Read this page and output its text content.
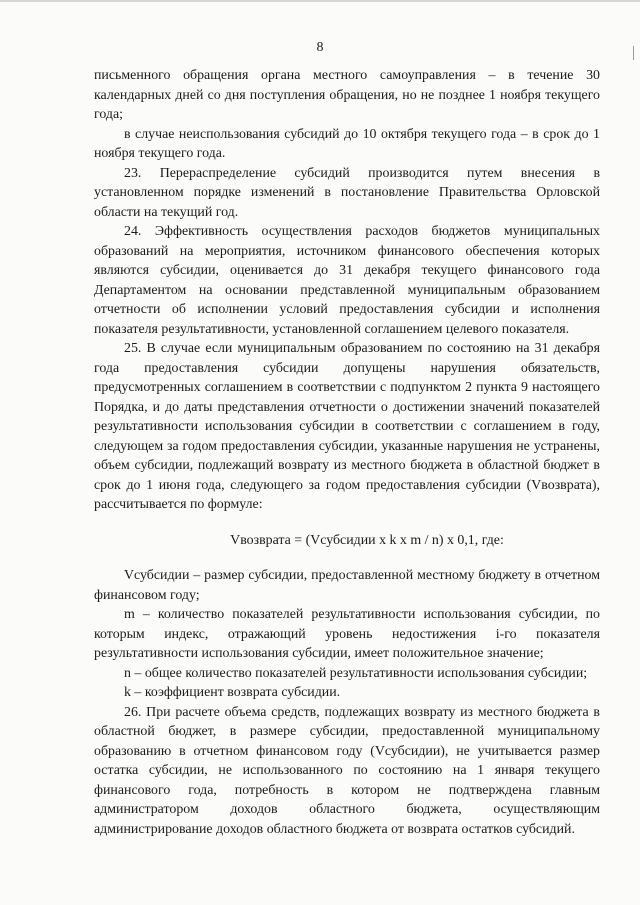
8

письменного обращения органа местного самоуправления – в течение 30 календарных дней со дня поступления обращения, но не позднее 1 ноября текущего года;

в случае неиспользования субсидий до 10 октября текущего года – в срок до 1 ноября текущего года.

23. Перераспределение субсидий производится путем внесения в установленном порядке изменений в постановление Правительства Орловской области на текущий год.

24. Эффективность осуществления расходов бюджетов муниципальных образований на мероприятия, источником финансового обеспечения которых являются субсидии, оценивается до 31 декабря текущего финансового года Департаментом на основании представленной муниципальным образованием отчетности об исполнении условий предоставления субсидии и исполнения показателя результативности, установленной соглашением целевого показателя.

25. В случае если муниципальным образованием по состоянию на 31 декабря года предоставления субсидии допущены нарушения обязательств, предусмотренных соглашением в соответствии с подпунктом 2 пункта 9 настоящего Порядка, и до даты представления отчетности о достижении значений показателей результативности использования субсидии в соответствии с соглашением в году, следующем за годом предоставления субсидии, указанные нарушения не устранены, объем субсидии, подлежащий возврату из местного бюджета в областной бюджет в срок до 1 июня года, следующего за годом предоставления субсидии (Vвозврата), рассчитывается по формуле:

Vвозврата = (Vсубсидии x k x m / n) x 0,1, где:

Vсубсидии – размер субсидии, предоставленной местному бюджету в отчетном финансовом году;

m – количество показателей результативности использования субсидии, по которым индекс, отражающий уровень недостижения i-го показателя результативности использования субсидии, имеет положительное значение;

n – общее количество показателей результативности использования субсидии;

k – коэффициент возврата субсидии.

26. При расчете объема средств, подлежащих возврату из местного бюджета в областной бюджет, в размере субсидии, предоставленной муниципальному образованию в отчетном финансовом году (Vсубсидии), не учитывается размер остатка субсидии, не использованного по состоянию на 1 января текущего финансового года, потребность в котором не подтверждена главным администратором доходов областного бюджета, осуществляющим администрирование доходов областного бюджета от возврата остатков субсидий.
